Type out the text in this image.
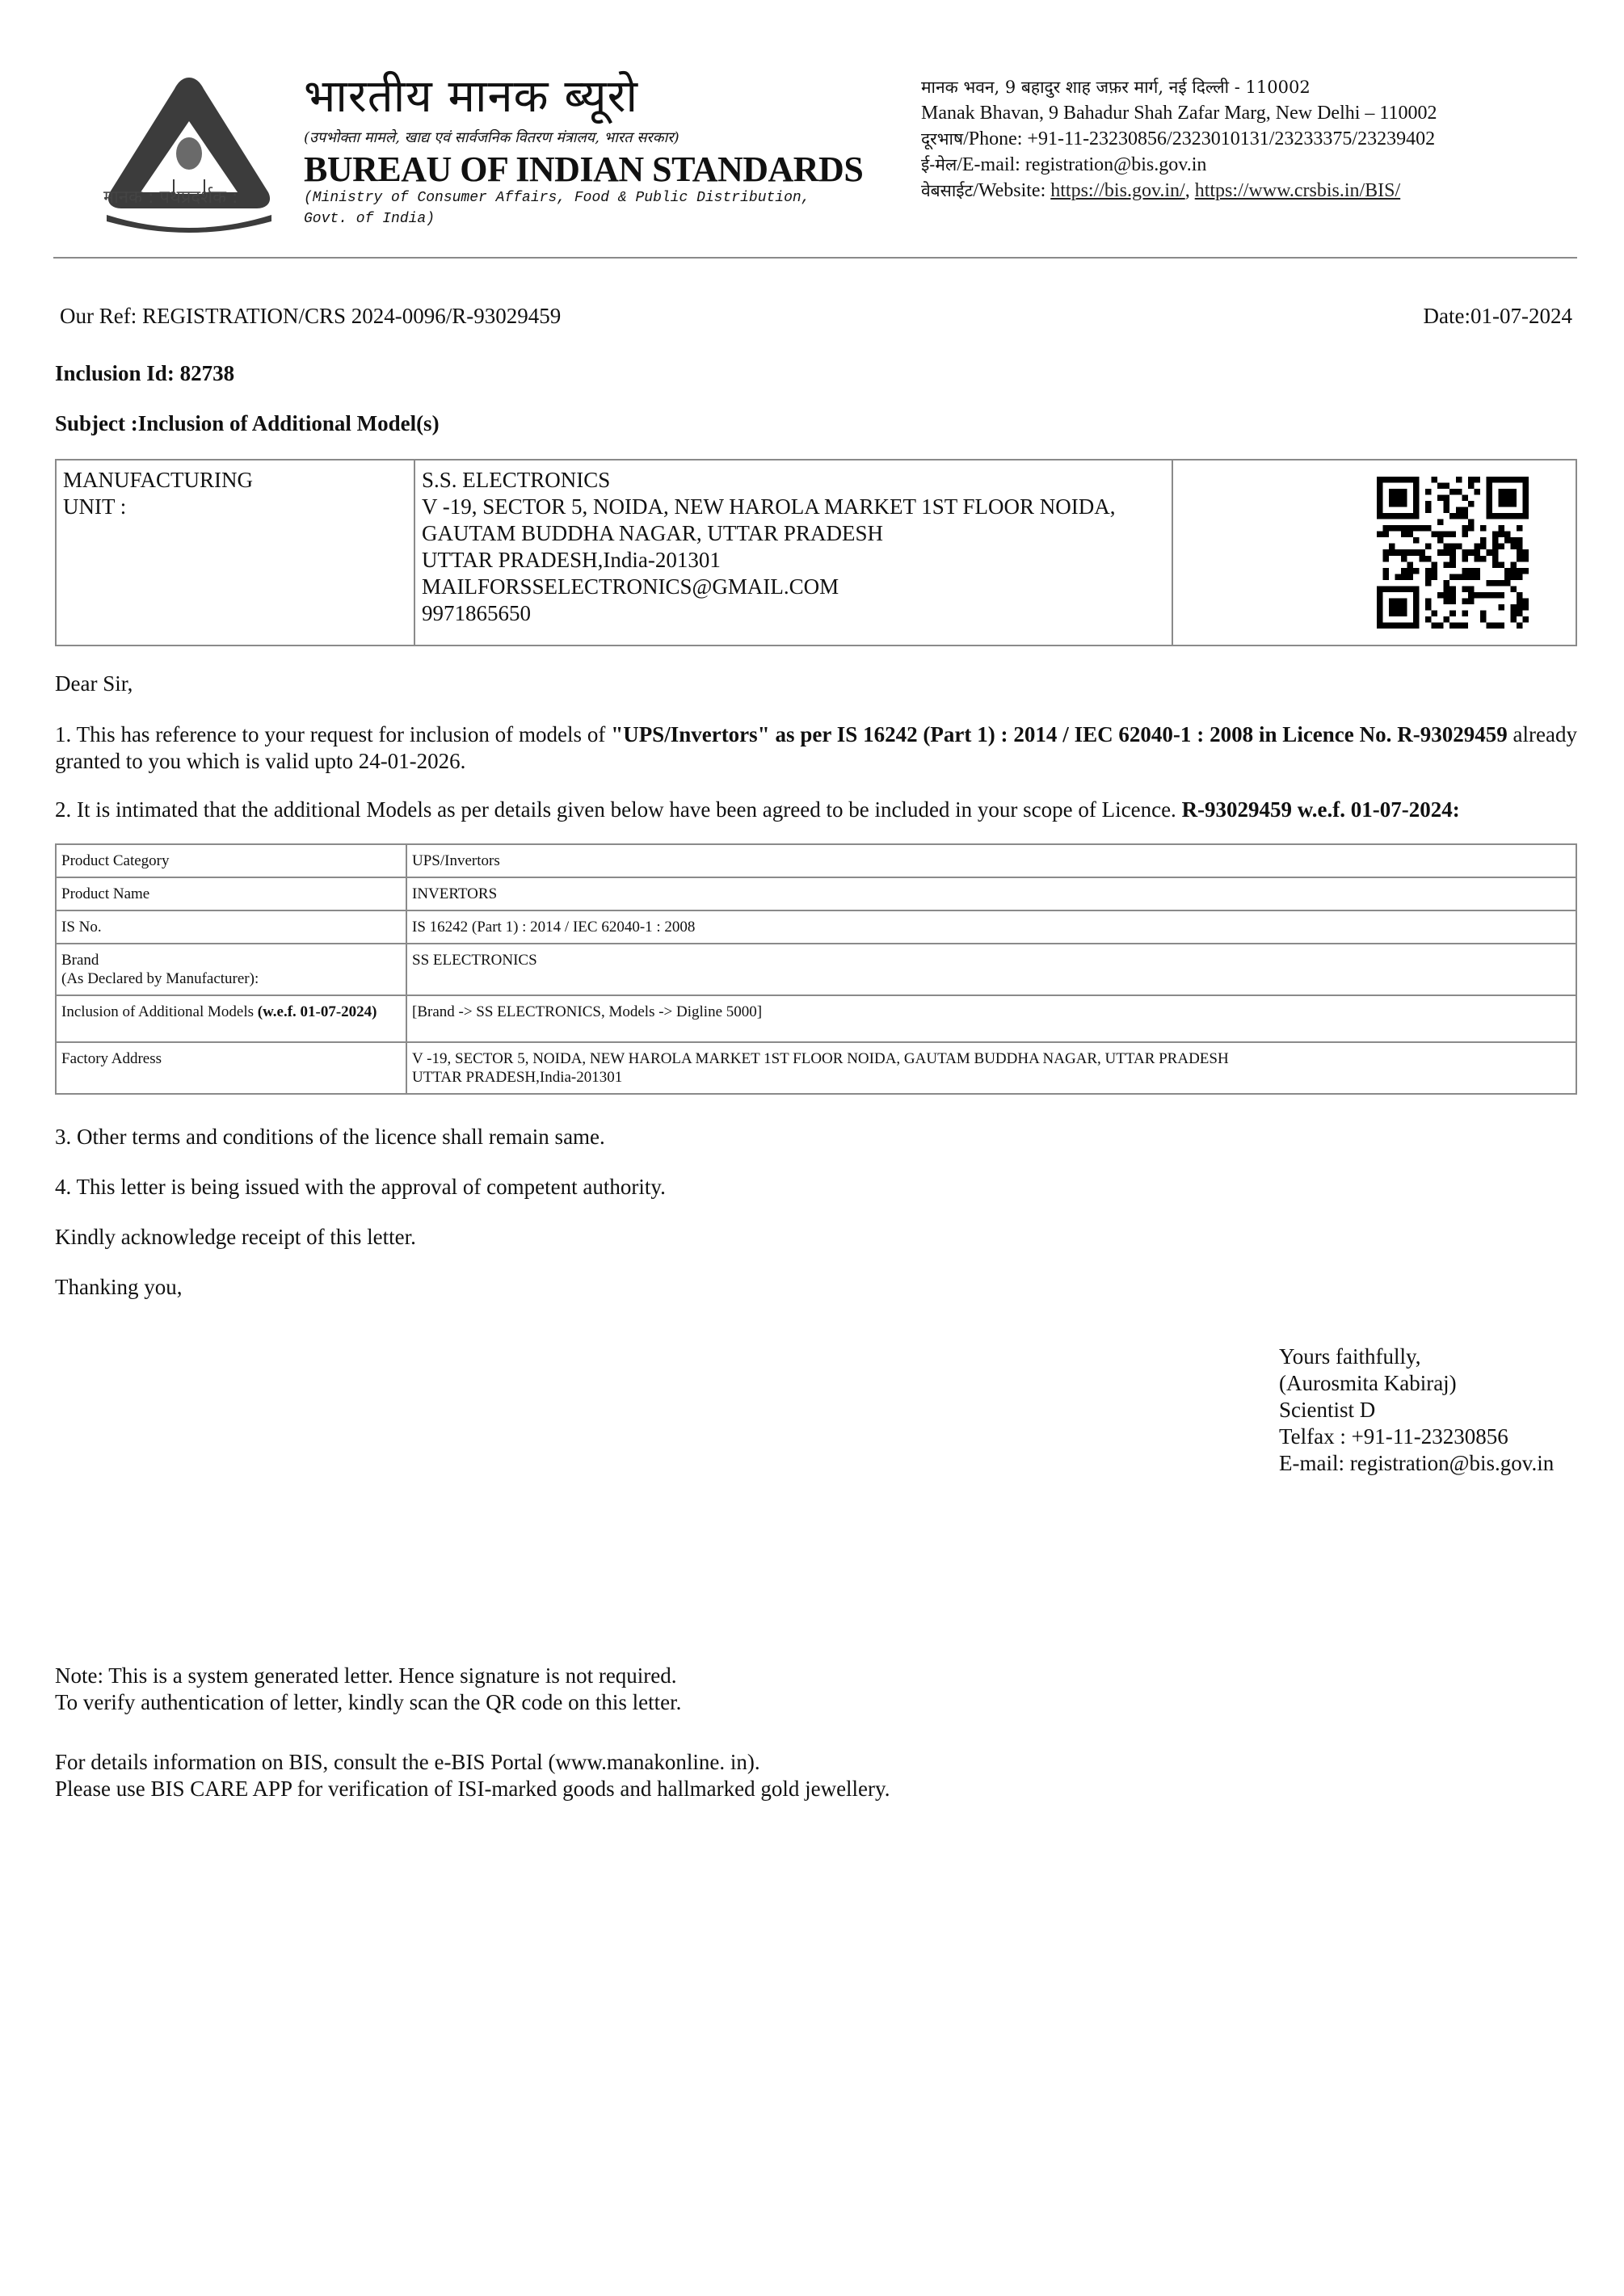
मानक : पथप्रदर्शक :
भारतीय मानक ब्यूरो
(उपभोक्ता मामले, खाद्य एवं सार्वजनिक वितरण मंत्रालय, भारत सरकार)
BUREAU OF INDIAN STANDARDS
(Ministry of Consumer Affairs, Food & Public Distribution,
Govt. of India)
मानक भवन, 9 बहादुर शाह जफ़र मार्ग, नई दिल्ली - 110002
Manak Bhavan, 9 Bahadur Shah Zafar Marg, New Delhi – 110002
दूरभाष/Phone: +91-11-23230856/2323010131/23233375/23239402
ई-मेल/E-mail: registration@bis.gov.in
वेबसाईट/Website: https://bis.gov.in/, https://www.crsbis.in/BIS/
Our Ref: REGISTRATION/CRS 2024-0096/R-93029459	Date:01-07-2024
Inclusion Id: 82738
Subject :Inclusion of Additional Model(s)
MANUFACTURING
UNIT :

S.S. ELECTRONICS
V -19, SECTOR 5, NOIDA, NEW HAROLA MARKET 1ST FLOOR NOIDA,
GAUTAM BUDDHA NAGAR, UTTAR PRADESH
UTTAR PRADESH,India-201301
MAILFORSSELECTRONICS@GMAIL.COM
9971865650

Dear Sir,
1. This has reference to your request for inclusion of models of "UPS/Invertors" as per IS 16242 (Part 1) : 2014 / IEC 62040-1 : 2008 in Licence No. R-93029459 already granted to you which is valid upto 24-01-2026.
2. It is intimated that the additional Models as per details given below have been agreed to be included in your scope of Licence. R-93029459 w.e.f. 01-07-2024:
Product Category	UPS/Invertors
Product Name	INVERTORS
IS No.	IS 16242 (Part 1) : 2014 / IEC 62040-1 : 2008

Brand
(As Declared by Manufacturer):	SS ELECTRONICS
Inclusion of Additional Models (w.e.f. 01-07-2024)	[Brand -> SS ELECTRONICS, Models -> Digline 5000]
Factory Address	V -19, SECTOR 5, NOIDA, NEW HAROLA MARKET 1ST FLOOR NOIDA, GAUTAM BUDDHA NAGAR, UTTAR PRADESH
UTTAR PRADESH,India-201301
3. Other terms and conditions of the licence shall remain same.
4. This letter is being issued with the approval of competent authority.
Kindly acknowledge receipt of this letter.
Thanking you,
Yours faithfully,
(Aurosmita Kabiraj)
Scientist D
Telfax : +91-11-23230856
E-mail: registration@bis.gov.in
Note: This is a system generated letter. Hence signature is not required.
To verify authentication of letter, kindly scan the QR code on this letter.
For details information on BIS, consult the e-BIS Portal (www.manakonline. in).
Please use BIS CARE APP for verification of ISI-marked goods and hallmarked gold jewellery.
